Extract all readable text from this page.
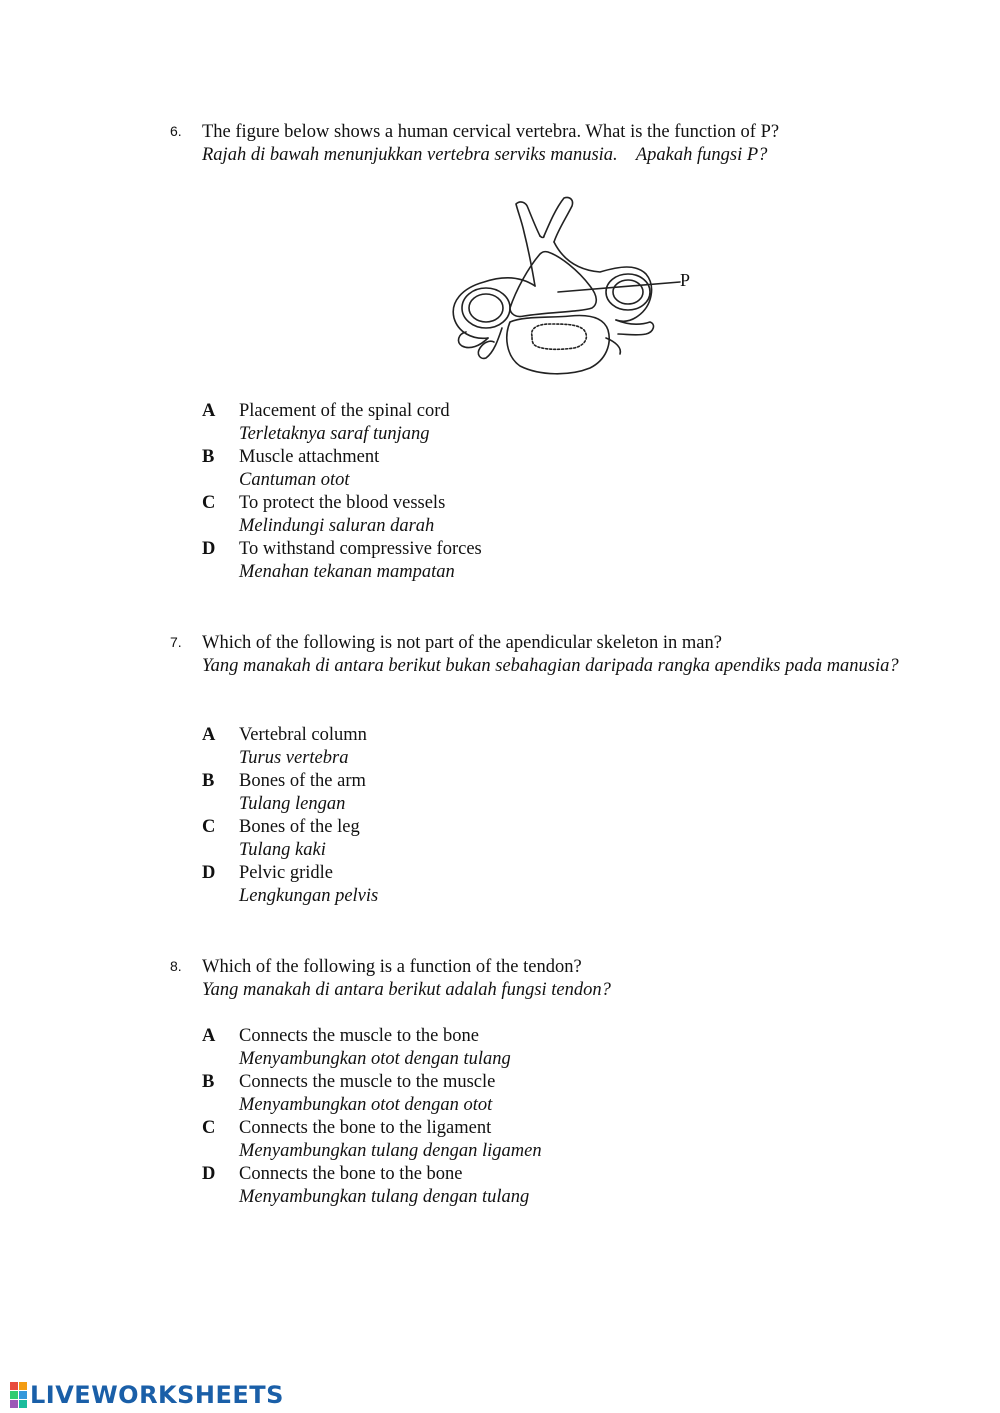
6. The figure below shows a human cervical vertebra. What is the function of P?
Rajah di bawah menunjukkan vertebra serviks manusia.    Apakah fungsi P?
P
A Placement of the spinal cord
Terletaknya saraf tunjang
B Muscle attachment
Cantuman otot
C To protect the blood vessels
Melindungi saluran darah
D To withstand compressive forces
Menahan tekanan mampatan
7. Which of the following is not part of the apendicular skeleton in man?
Yang manakah di antara berikut bukan sebahagian daripada rangka apendiks pada manusia?
A Vertebral column
Turus vertebra
B Bones of the arm
Tulang lengan
C Bones of the leg
Tulang kaki
D Pelvic gridle
Lengkungan pelvis
8. Which of the following is a function of the tendon?
Yang manakah di antara berikut adalah fungsi tendon?
A Connects the muscle to the bone
Menyambungkan otot dengan tulang
B Connects the muscle to the muscle
Menyambungkan otot dengan otot
C Connects the bone to the ligament
Menyambungkan tulang dengan ligamen
D Connects the bone to the bone
Menyambungkan tulang dengan tulang
LIVEWORKSHEETS
